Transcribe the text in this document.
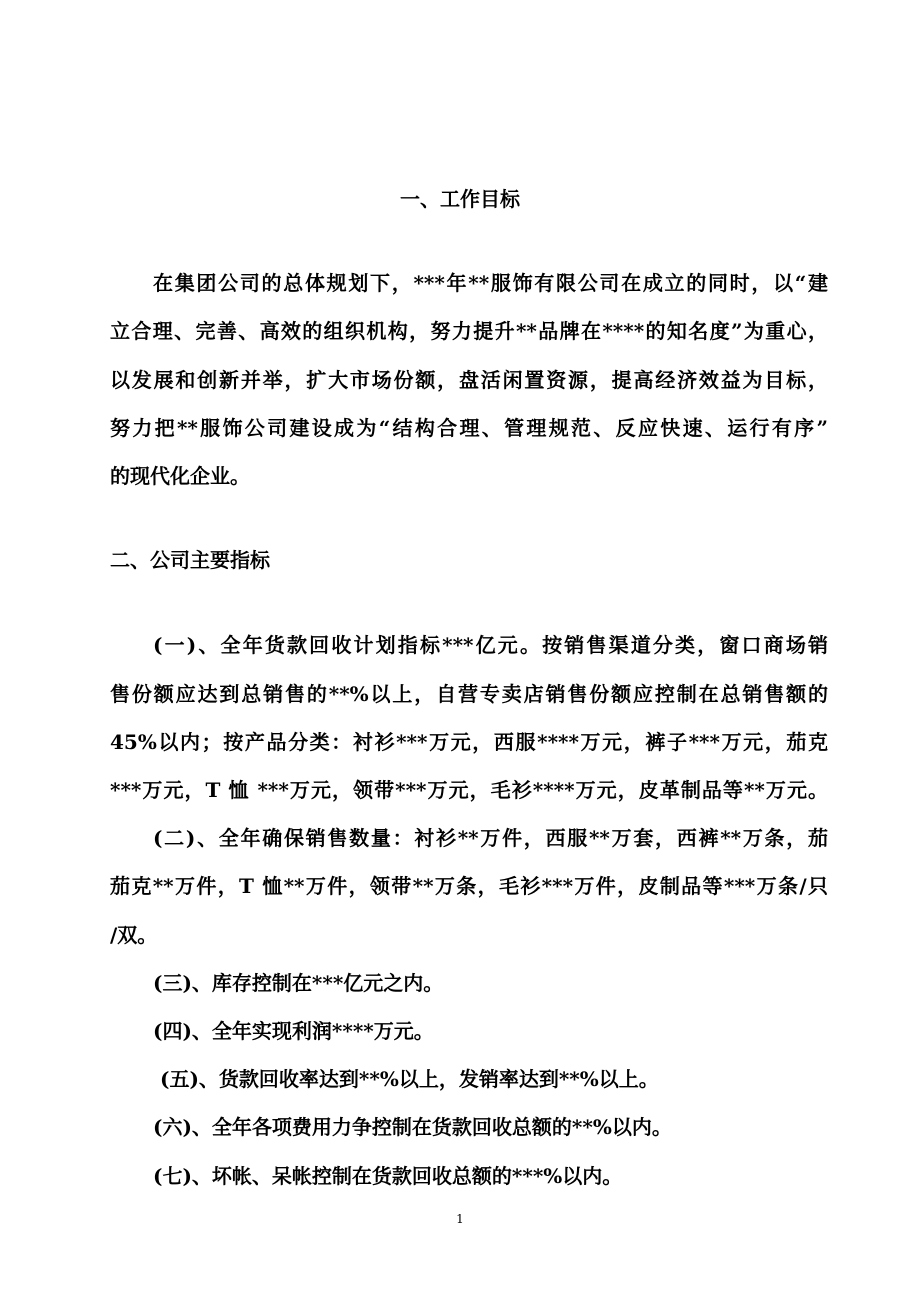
一、工作目标
在集团公司的总体规划下，***年**服饰有限公司在成立的同时，以“建
立合理、完善、高效的组织机构，努力提升**品牌在****的知名度”为重心，
以发展和创新并举，扩大市场份额，盘活闲置资源，提高经济效益为目标，
努力把**服饰公司建设成为“结构合理、管理规范、反应快速、运行有序”
的现代化企业。
二、公司主要指标
(一)、全年货款回收计划指标***亿元。按销售渠道分类，窗口商场销
售份额应达到总销售的**%以上，自营专卖店销售份额应控制在总销售额的
45%以内；按产品分类：衬衫***万元，西服****万元，裤子***万元，茄克
***万元，T 恤 ***万元，领带***万元，毛衫****万元，皮革制品等**万元。
(二)、全年确保销售数量：衬衫**万件，西服**万套，西裤**万条，茄
茄克**万件，T 恤**万件，领带**万条，毛衫***万件，皮制品等***万条/只
/双。
(三)、库存控制在***亿元之内。
(四)、全年实现利润****万元。
(五)、货款回收率达到**%以上，发销率达到**%以上。
(六)、全年各项费用力争控制在货款回收总额的**%以内。
(七)、坏帐、呆帐控制在货款回收总额的***%以内。
1
